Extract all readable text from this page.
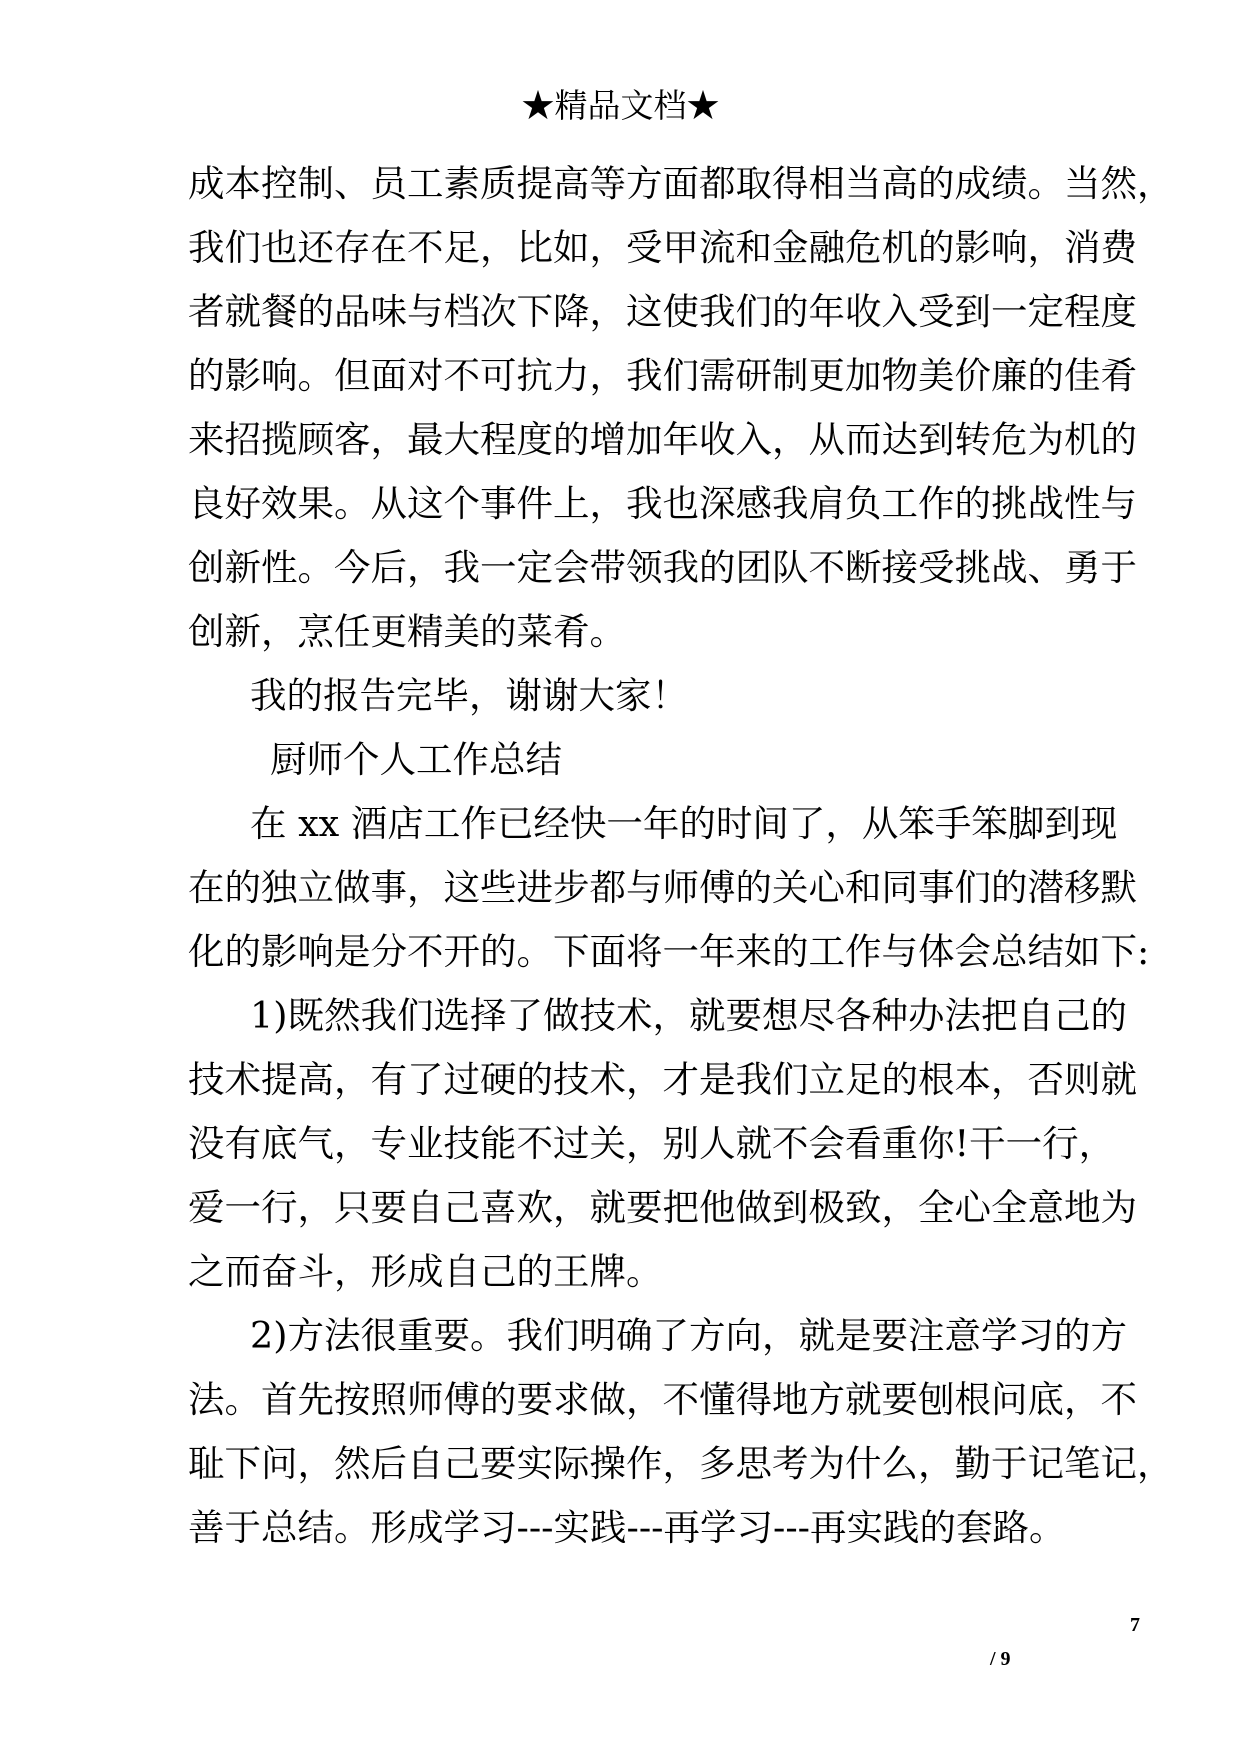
★精品文档★
成本控制、员工素质提高等方面都取得相当高的成绩。当然，
我们也还存在不足，比如，受甲流和金融危机的影响，消费
者就餐的品味与档次下降，这使我们的年收入受到一定程度
的影响。但面对不可抗力，我们需研制更加物美价廉的佳肴
来招揽顾客，最大程度的增加年收入，从而达到转危为机的
良好效果。从这个事件上，我也深感我肩负工作的挑战性与
创新性。今后，我一定会带领我的团队不断接受挑战、勇于
创新，烹任更精美的菜肴。
我的报告完毕，谢谢大家！
厨师个人工作总结
在 xx 酒店工作已经快一年的时间了，从笨手笨脚到现
在的独立做事，这些进步都与师傅的关心和同事们的潜移默
化的影响是分不开的。下面将一年来的工作与体会总结如下:
1)既然我们选择了做技术，就要想尽各种办法把自己的
技术提高，有了过硬的技术，才是我们立足的根本，否则就
没有底气，专业技能不过关，别人就不会看重你!干一行，
爱一行，只要自己喜欢，就要把他做到极致，全心全意地为
之而奋斗，形成自己的王牌。
2)方法很重要。我们明确了方向，就是要注意学习的方
法。首先按照师傅的要求做，不懂得地方就要刨根问底，不
耻下问，然后自己要实际操作，多思考为什么，勤于记笔记，
善于总结。形成学习---实践---再学习---再实践的套路。
7
/ 9
